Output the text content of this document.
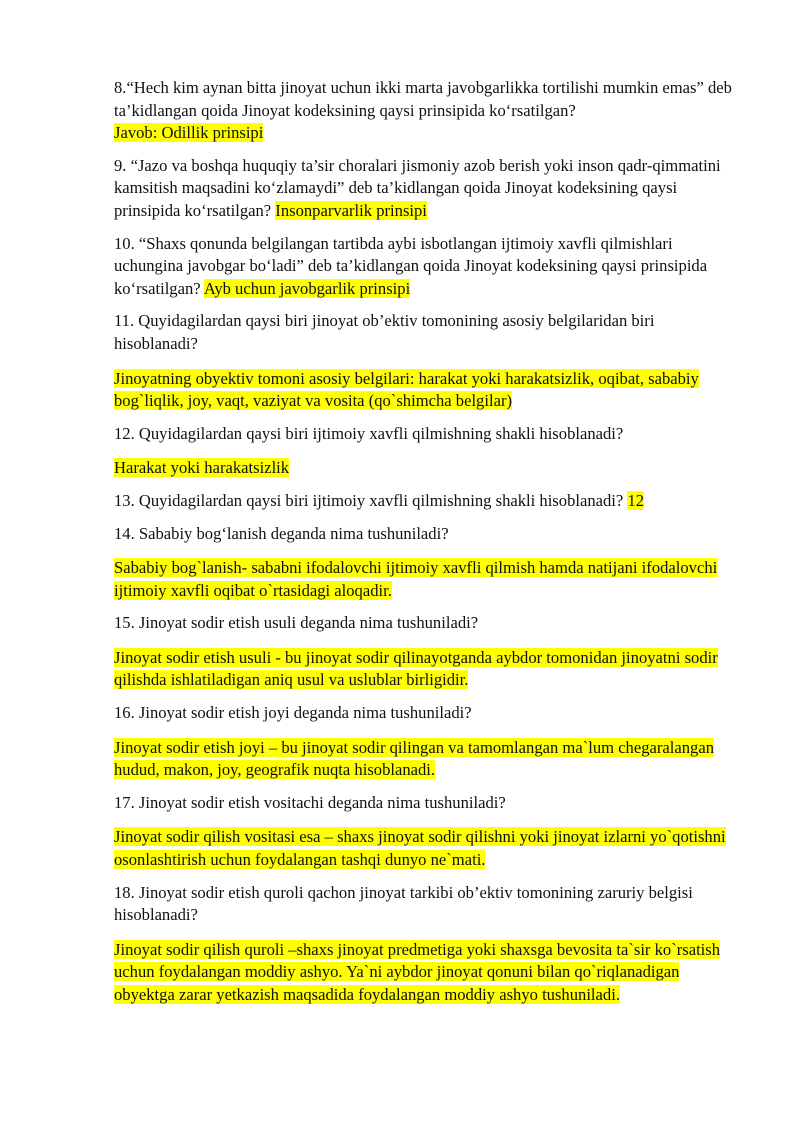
8.“Hech kim aynan bitta jinoyat uchun ikki marta javobgarlikka tortilishi mumkin emas” deb ta’kidlangan qoida Jinoyat kodeksining qaysi prinsipida ko‘rsatilgan?
Javob: Odillik prinsipi

9. “Jazo va boshqa huquqiy ta’sir choralari jismoniy azob berish yoki inson qadr-qimmatini kamsitish maqsadini ko‘zlamaydi” deb ta’kidlangan qoida Jinoyat kodeksining qaysi prinsipida ko‘rsatilgan? Insonparvarlik prinsipi

10. “Shaxs qonunda belgilangan tartibda aybi isbotlangan ijtimoiy xavfli qilmishlari uchungina javobgar bo‘ladi” deb ta’kidlangan qoida Jinoyat kodeksining qaysi prinsipida ko‘rsatilgan? Ayb uchun javobgarlik prinsipi

11. Quyidagilardan qaysi biri jinoyat ob’ektiv tomonining asosiy belgilaridan biri hisoblanadi?

Jinoyatning obyektiv tomoni asosiy belgilari: harakat yoki harakatsizlik, oqibat, sababiy bog`liqlik, joy, vaqt, vaziyat va vosita (qo`shimcha belgilar)

12. Quyidagilardan qaysi biri ijtimoiy xavfli qilmishning shakli hisoblanadi?

Harakat yoki harakatsizlik

13. Quyidagilardan qaysi biri ijtimoiy xavfli qilmishning shakli hisoblanadi? 12

14. Sababiy bog‘lanish deganda nima tushuniladi?

Sababiy bog`lanish- sababni ifodalovchi ijtimoiy xavfli qilmish hamda natijani ifodalovchi ijtimoiy xavfli oqibat o`rtasidagi aloqadir.

15. Jinoyat sodir etish usuli deganda nima tushuniladi?

Jinoyat sodir etish usuli - bu jinoyat sodir qilinayotganda aybdor tomonidan jinoyatni sodir qilishda ishlatiladigan aniq usul va uslublar birligidir.

16. Jinoyat sodir etish joyi deganda nima tushuniladi?

Jinoyat sodir etish joyi – bu jinoyat sodir qilingan va tamomlangan ma`lum chegaralangan hudud, makon, joy, geografik nuqta hisoblanadi.

17. Jinoyat sodir etish vositachi deganda nima tushuniladi?

Jinoyat sodir qilish vositasi esa – shaxs jinoyat sodir qilishni yoki jinoyat izlarni yo`qotishni osonlashtirish uchun foydalangan tashqi dunyo ne`mati.

18. Jinoyat sodir etish quroli qachon jinoyat tarkibi ob’ektiv tomonining zaruriy belgisi hisoblanadi?

Jinoyat sodir qilish quroli –shaxs jinoyat predmetiga yoki shaxsga bevosita ta`sir ko`rsatish uchun foydalangan moddiy ashyo. Ya`ni aybdor jinoyat qonuni bilan qo`riqlanadigan obyektga zarar yetkazish maqsadida foydalangan moddiy ashyo tushuniladi.
